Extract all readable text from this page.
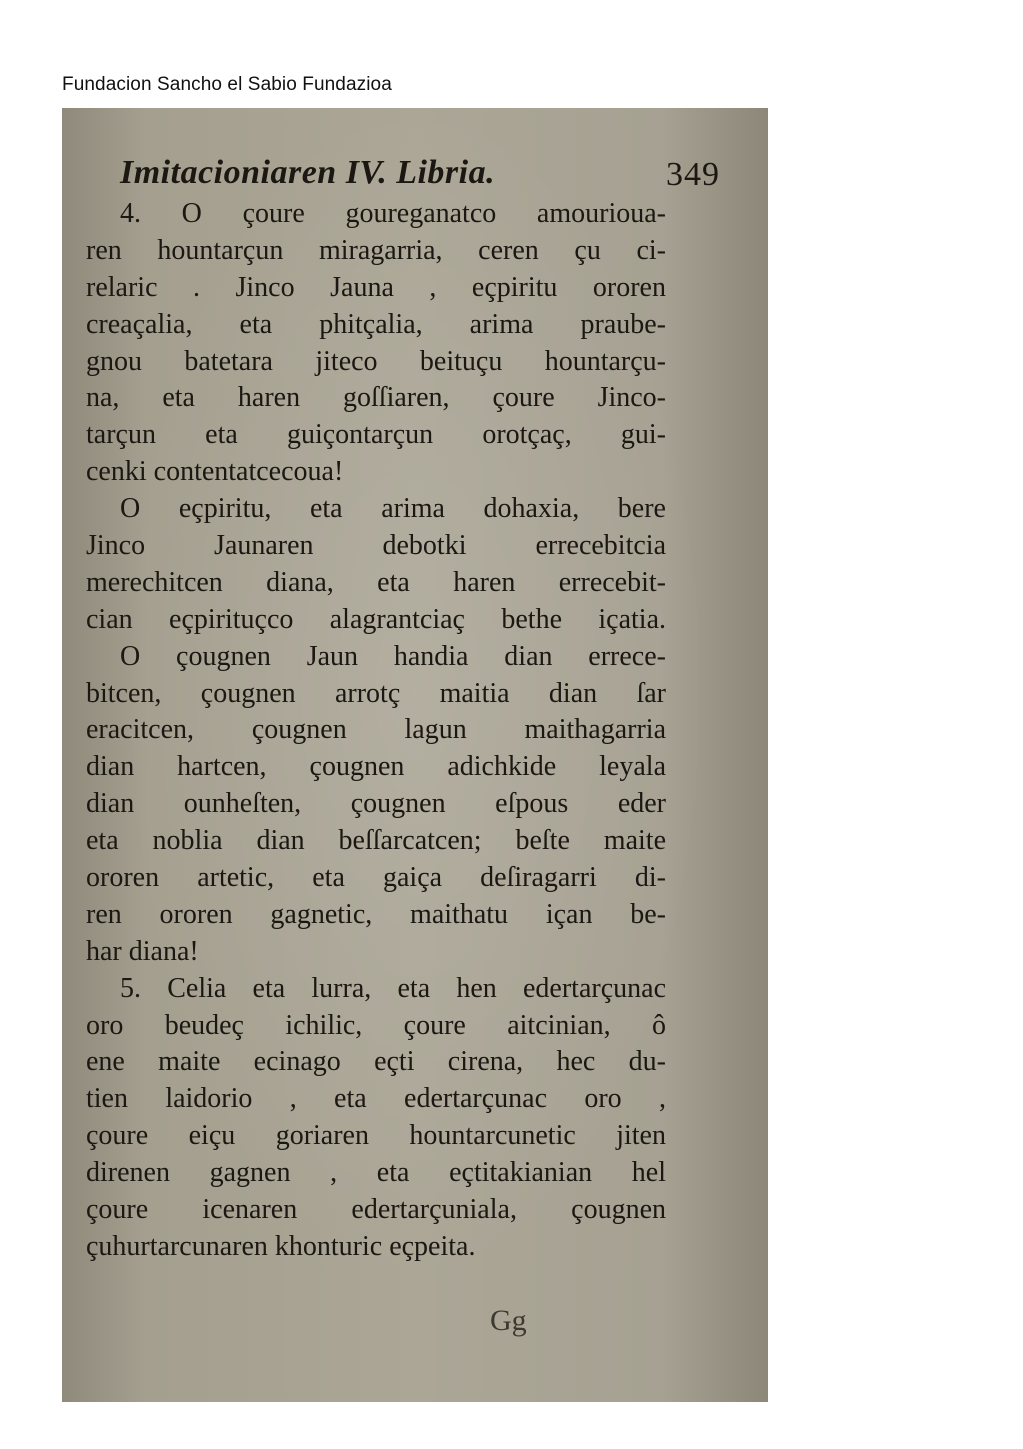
Fundacion Sancho el Sabio Fundazioa
Imitacioniaren IV. Libria.	349
4. O çoure goureganatco amourioua-
ren hountarçun miragarria, ceren çu ci-
relaric . Jinco Jauna , eçpiritu ororen
creaçalia, eta phitçalia, arima praube-
gnou batetara jiteco beituçu hountarçu-
na, eta haren goſſiaren, çoure Jinco-
tarçun eta guiçontarçun orotçaç, gui-
cenki contentatcecoua!
O eçpiritu, eta arima dohaxia, bere
Jinco Jaunaren debotki errecebitcia
merechitcen diana, eta haren errecebit-
cian eçpirituçco alagrantciaç bethe içatia.
O çougnen Jaun handia dian errece-
bitcen, çougnen arrotç maitia dian ſar
eracitcen, çougnen lagun maithagarria
dian hartcen, çougnen adichkide leyala
dian ounheſten, çougnen eſpous eder
eta noblia dian beſſarcatcen; beſte maite
ororen artetic, eta gaiça deſiragarri di-
ren ororen gagnetic, maithatu içan be-
har diana!
5. Celia eta lurra, eta hen edertarçunac
oro beudeç ichilic, çoure aitcinian, ô
ene maite ecinago eçti cirena, hec du-
tien laidorio , eta edertarçunac oro ,
çoure eiçu goriaren hountarcunetic jiten
direnen gagnen , eta eçtitakianian hel
çoure icenaren edertarçuniala, çougnen
çuhurtarcunaren khonturic eçpeita.
Gg
